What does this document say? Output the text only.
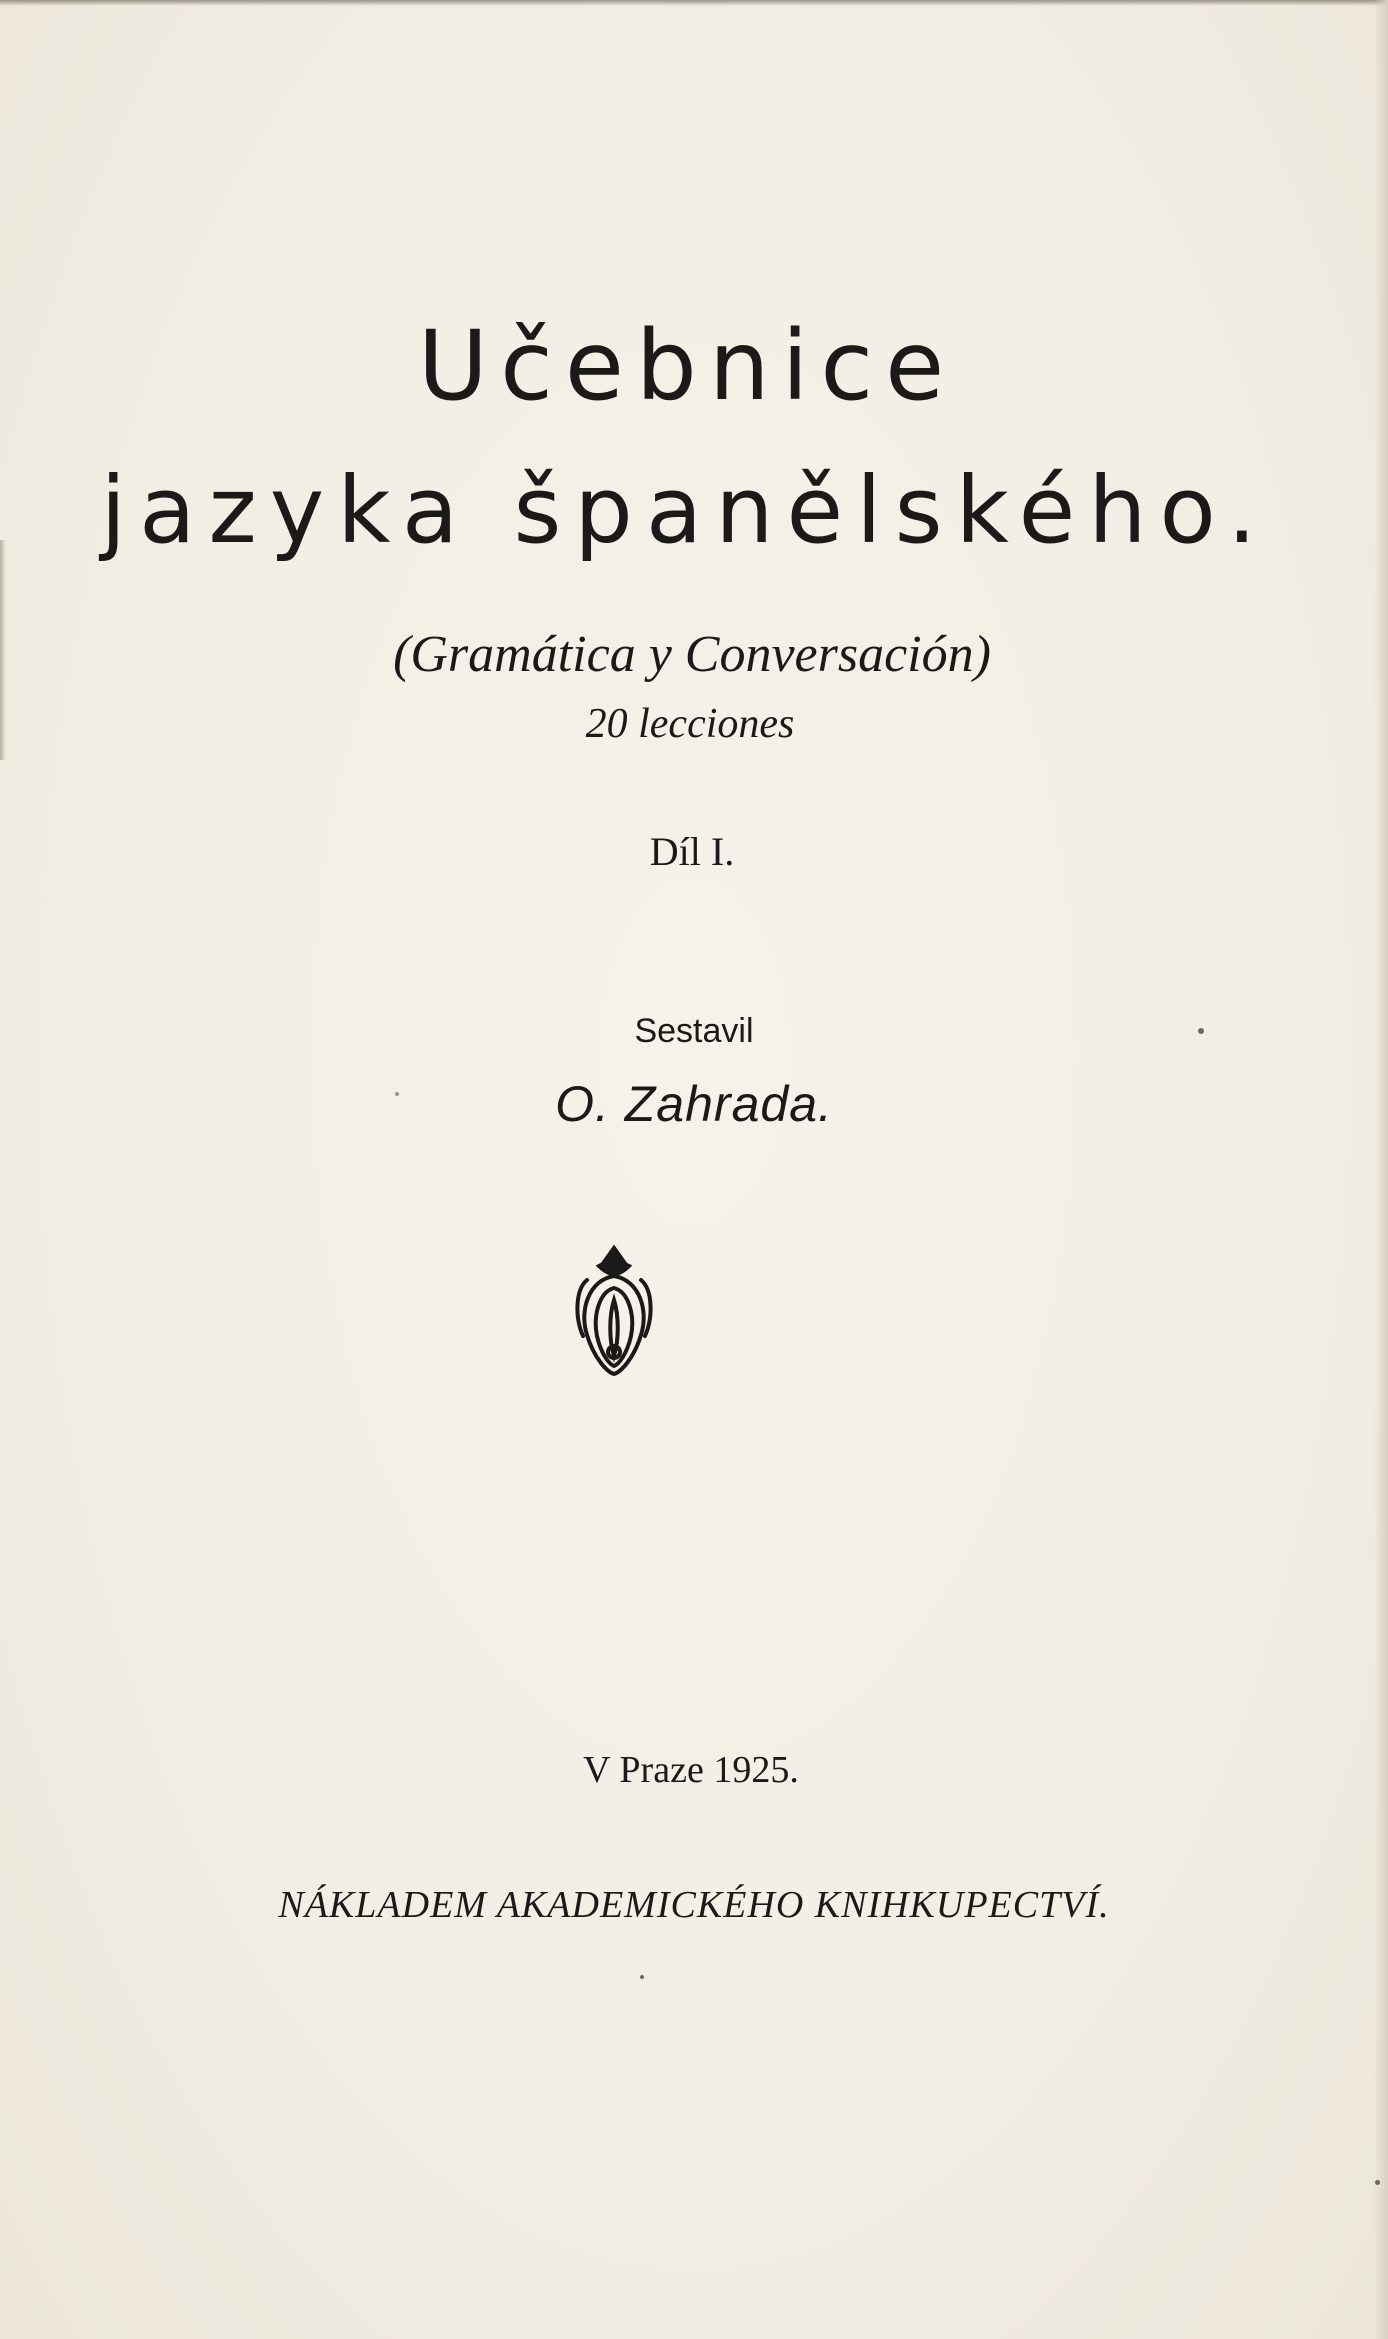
Učebnice
jazyka španělského.
(Gramática y Conversación)
20 lecciones
Díl I.
Sestavil
O. Zahrada.
V Praze 1925.
NÁKLADEM AKADEMICKÉHO KNIHKUPECTVÍ.
